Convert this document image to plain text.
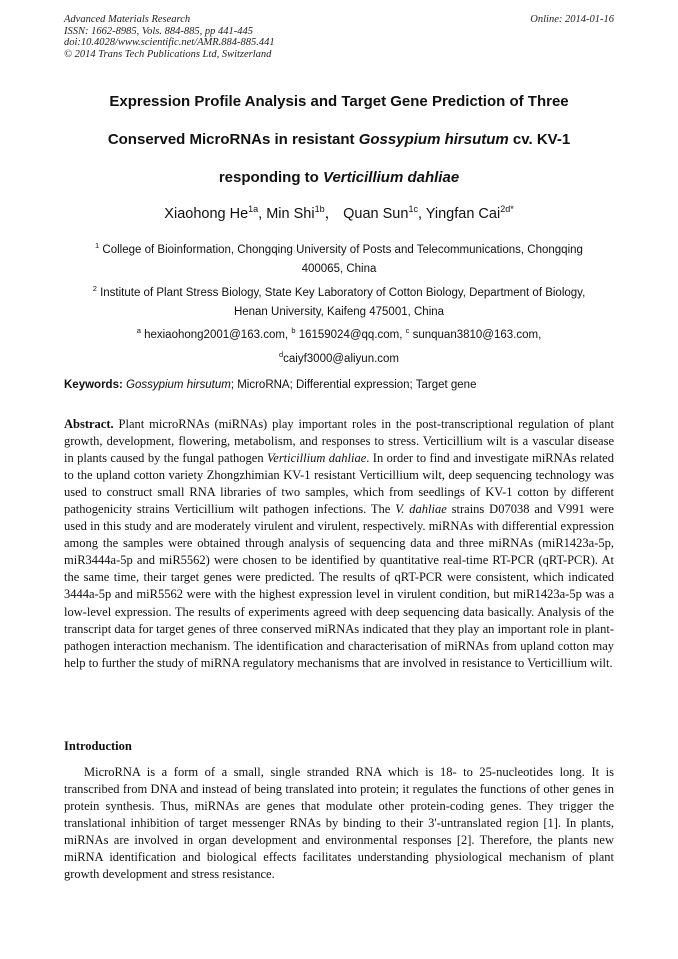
Advanced Materials Research
ISSN: 1662-8985, Vols. 884-885, pp 441-445
doi:10.4028/www.scientific.net/AMR.884-885.441
© 2014 Trans Tech Publications Ltd, Switzerland
Online: 2014-01-16
Expression Profile Analysis and Target Gene Prediction of Three
Conserved MicroRNAs in resistant Gossypium hirsutum cv. KV-1
responding to Verticillium dahliae
Xiaohong $He^{1a}$, Min Shi$^{1b}$， Quan Sun$^{1c}$, Yingfan Cai$^{2d*}$
$^1$ College of Bioinformation, Chongqing University of Posts and Telecommunications, Chongqing
400065, China
$^2$ Institute of Plant Stress Biology, State Key Laboratory of Cotton Biology, Department of Biology,
Henan University, Kaifeng 475001, China
$^a$ hexiaohong2001@163.com, $^b$ 16159024@qq.com, $^c$ sunquan3810@163.com,
$^d$caiyf3000@aliyun.com
Keywords: Gossypium hirsutum; MicroRNA; Differential expression; Target gene
Abstract. Plant microRNAs (miRNAs) play important roles in the post-transcriptional regulation of plant growth, development, flowering, metabolism, and responses to stress. Verticillium wilt is a vascular disease in plants caused by the fungal pathogen Verticillium dahliae. In order to find and investigate miRNAs related to the upland cotton variety Zhongzhimian KV-1 resistant Verticillium wilt, deep sequencing technology was used to construct small RNA libraries of two samples, which from seedlings of KV-1 cotton by different pathogenicity strains Verticillium wilt pathogen infections. The V. dahliae strains D07038 and V991 were used in this study and are moderately virulent and virulent, respectively. miRNAs with differential expression among the samples were obtained through analysis of sequencing data and three miRNAs (miR1423a-5p, miR3444a-5p and miR5562) were chosen to be identified by quantitative real-time RT-PCR (qRT-PCR). At the same time, their target genes were predicted. The results of qRT-PCR were consistent, which indicated 3444a-5p and miR5562 were with the highest expression level in virulent condition, but miR1423a-5p was a low-level expression. The results of experiments agreed with deep sequencing data basically. Analysis of the transcript data for target genes of three conserved miRNAs indicated that they play an important role in plant-pathogen interaction mechanism. The identification and characterisation of miRNAs from upland cotton may help to further the study of miRNA regulatory mechanisms that are involved in resistance to Verticillium wilt.
Introduction
MicroRNA is a form of a small, single stranded RNA which is 18- to 25-nucleotides long. It is transcribed from DNA and instead of being translated into protein; it regulates the functions of other genes in protein synthesis. Thus, miRNAs are genes that modulate other protein-coding genes. They trigger the translational inhibition of target messenger RNAs by binding to their 3'-untranslated region [1]. In plants, miRNAs are involved in organ development and environmental responses [2]. Therefore, the plants new miRNA identification and biological effects facilitates understanding physiological mechanism of plant growth development and stress resistance.
